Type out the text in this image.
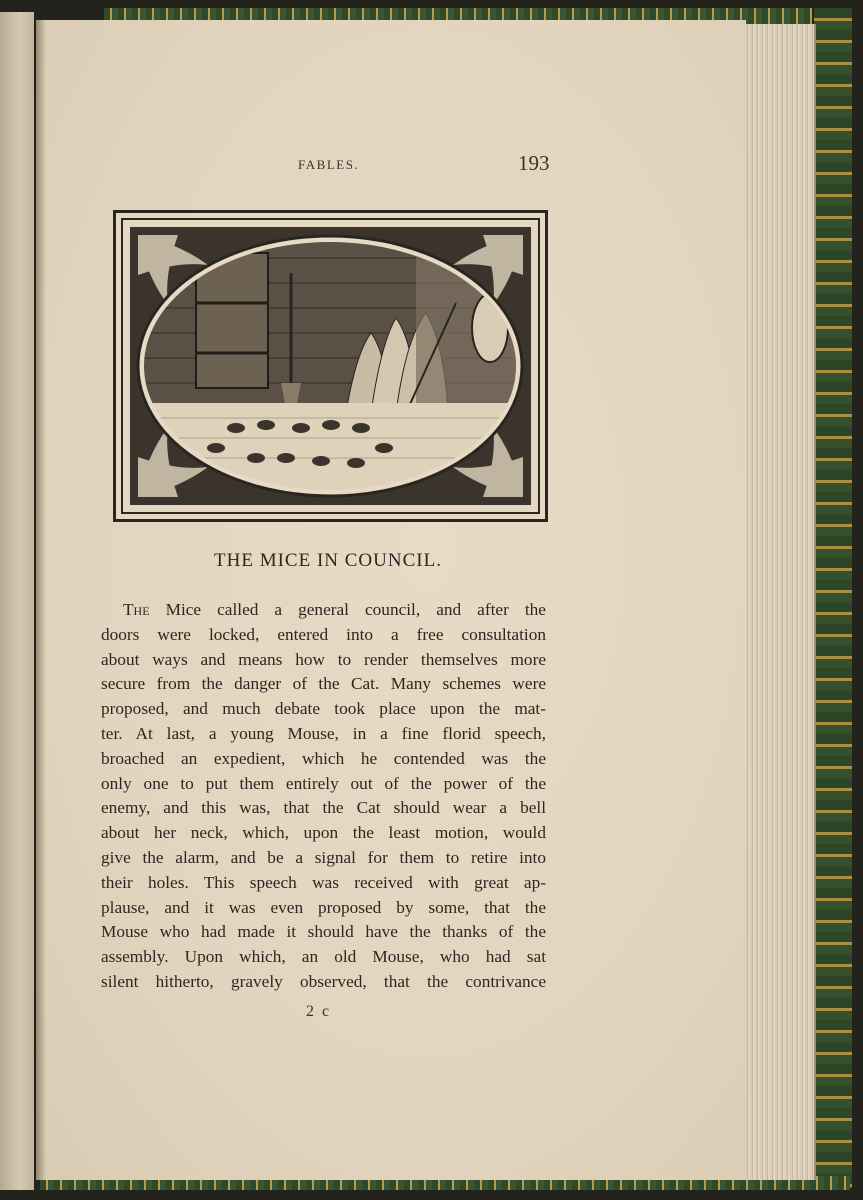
FABLES.	193
THE MICE IN COUNCIL.
The Mice called a general council, and after the
doors were locked, entered into a free consultation
about ways and means how to render themselves more
secure from the danger of the Cat. Many schemes were
proposed, and much debate took place upon the mat-
ter. At last, a young Mouse, in a fine florid speech,
broached an expedient, which he contended was the
only one to put them entirely out of the power of the
enemy, and this was, that the Cat should wear a bell
about her neck, which, upon the least motion, would
give the alarm, and be a signal for them to retire into
their holes. This speech was received with great ap-
plause, and it was even proposed by some, that the
Mouse who had made it should have the thanks of the
assembly. Upon which, an old Mouse, who had sat
silent hitherto, gravely observed, that the contrivance
2 c
